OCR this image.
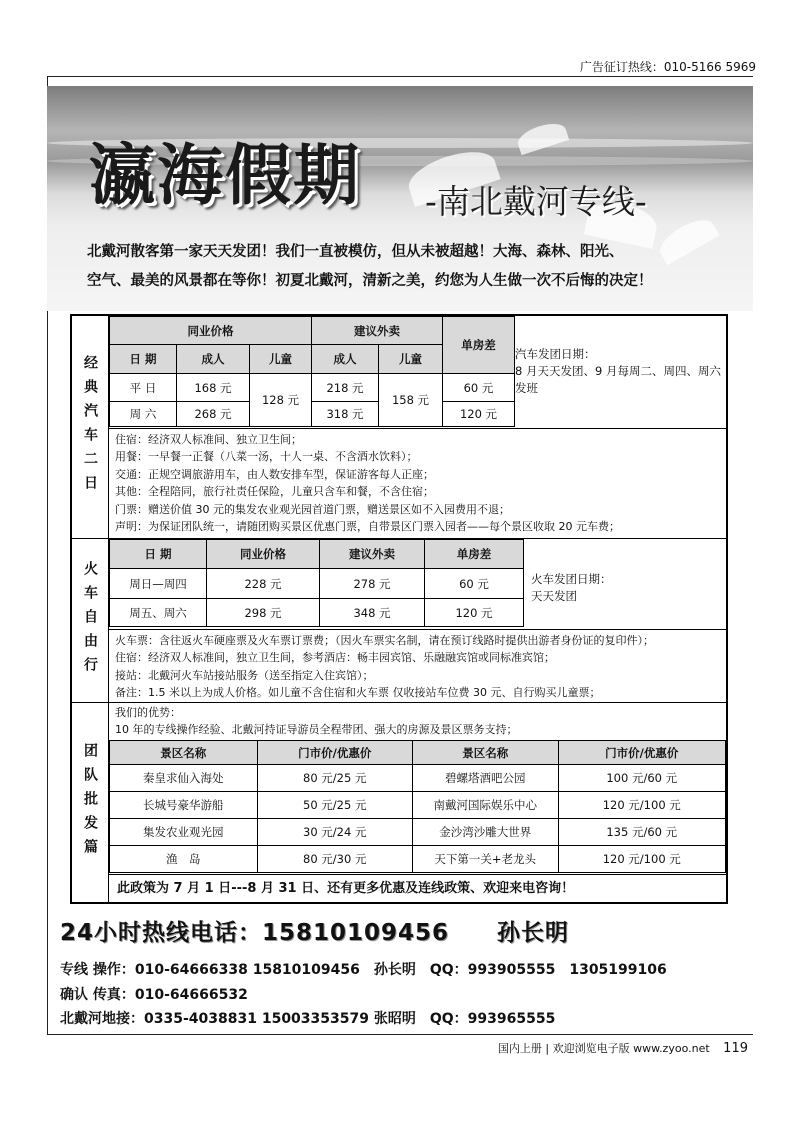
广告征订热线：010-5166 5969
瀛海假期 -南北戴河专线-
北戴河散客第一家天天发团！我们一直被模仿，但从未被超越！大海、森林、阳光、
空气、最美的风景都在等你！初夏北戴河，清新之美，约您为人生做一次不后悔的决定！
经典汽车二日
同业价格			建议外卖		单房差
日 期	成人	儿童	成人	儿童	
平 日	168 元	128 元	218 元	158 元	60 元
周 六	268 元		318 元		120 元
汽车发团日期：
8 月天天发团、9 月每周二、周四、周六发班
住宿：经济双人标准间、独立卫生间；
用餐：一早餐一正餐（八菜一汤，十人一桌、不含酒水饮料）；
交通：正规空调旅游用车，由人数安排车型，保证游客每人正座；
其他：全程陪同，旅行社责任保险，儿童只含车和餐，不含住宿；
门票：赠送价值 30 元的集发农业观光园首道门票，赠送景区如不入园费用不退；
声明：为保证团队统一，请随团购买景区优惠门票，自带景区门票入园者——每个景区收取 20 元车费；
火车自由行
日 期	同业价格	建议外卖	单房差
周日—周四	228 元	278 元	60 元
周五、周六	298 元	348 元	120 元
火车发团日期：
天天发团
火车票：含往返火车硬座票及火车票订票费；（因火车票实名制，请在预订线路时提供出游者身份证的复印件）；
住宿：经济双人标准间，独立卫生间，参考酒店：畅丰园宾馆、乐融融宾馆或同标准宾馆；
接站：北戴河火车站接站服务（送至指定入住宾馆）；
备注：1.5 米以上为成人价格。如儿童不含住宿和火车票 仅收接站车位费 30 元、自行购买儿童票；
团队批发篇
我们的优势：
10 年的专线操作经验、北戴河持证导游员全程带团、强大的房源及景区票务支持；
景区名称	门市价/优惠价	景区名称	门市价/优惠价
秦皇求仙入海处	80 元/25 元	碧螺塔酒吧公园	100 元/60 元
长城号豪华游船	50 元/25 元	南戴河国际娱乐中心	120 元/100 元
集发农业观光园	30 元/24 元	金沙湾沙雕大世界	135 元/60 元
渔　岛	80 元/30 元	天下第一关+老龙头	120 元/100 元
此政策为 7 月 1 日---8 月 31 日、还有更多优惠及连线政策、欢迎来电咨询！
24小时热线电话：15810109456　　孙长明
专线 操作：010-64666338 15810109456　孙长明　QQ：993905555　1305199106
确认 传真：010-64666532
北戴河地接：0335-4038831 15003353579 张昭明　QQ：993965555
国内上册 | 欢迎浏览电子版 www.zyoo.net 119
